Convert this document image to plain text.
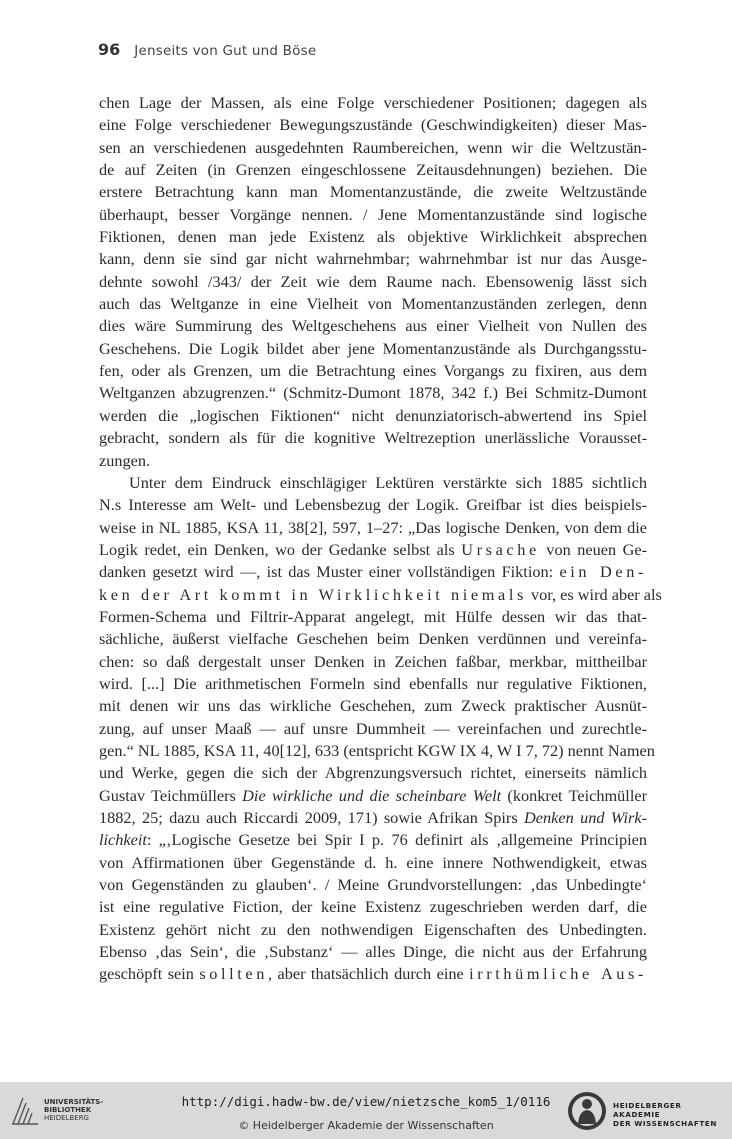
96 Jenseits von Gut und Böse
chen Lage der Massen, als eine Folge verschiedener Positionen; dagegen als
eine Folge verschiedener Bewegungszustände (Geschwindigkeiten) dieser Mas-
sen an verschiedenen ausgedehnten Raumbereichen, wenn wir die Weltzustän-
de auf Zeiten (in Grenzen eingeschlossene Zeitausdehnungen) beziehen. Die
erstere Betrachtung kann man Momentanzustände, die zweite Weltzustände
überhaupt, besser Vorgänge nennen. / Jene Momentanzustände sind logische
Fiktionen, denen man jede Existenz als objektive Wirklichkeit absprechen
kann, denn sie sind gar nicht wahrnehmbar; wahrnehmbar ist nur das Ausge-
dehnte sowohl /343/ der Zeit wie dem Raume nach. Ebensowenig lässt sich
auch das Weltganze in eine Vielheit von Momentanzuständen zerlegen, denn
dies wäre Summirung des Weltgeschehens aus einer Vielheit von Nullen des
Geschehens. Die Logik bildet aber jene Momentanzustände als Durchgangsstu-
fen, oder als Grenzen, um die Betrachtung eines Vorgangs zu fixiren, aus dem
Weltganzen abzugrenzen.“ (Schmitz-Dumont 1878, 342 f.) Bei Schmitz-Dumont
werden die „logischen Fiktionen“ nicht denunziatorisch-abwertend ins Spiel
gebracht, sondern als für die kognitive Weltrezeption unerlässliche Vorausset-
zungen.
Unter dem Eindruck einschlägiger Lektüren verstärkte sich 1885 sichtlich
N.s Interesse am Welt- und Lebensbezug der Logik. Greifbar ist dies beispiels-
weise in NL 1885, KSA 11, 38[2], 597, 1–27: „Das logische Denken, von dem die
Logik redet, ein Denken, wo der Gedanke selbst als Ursache von neuen Ge-
danken gesetzt wird —, ist das Muster einer vollständigen Fiktion: ein Den-
ken der Art kommt in Wirklichkeit niemals vor, es wird aber als
Formen-Schema und Filtrir-Apparat angelegt, mit Hülfe dessen wir das that-
sächliche, äußerst vielfache Geschehen beim Denken verdünnen und vereinfa-
chen: so daß dergestalt unser Denken in Zeichen faßbar, merkbar, mittheilbar
wird. [...] Die arithmetischen Formeln sind ebenfalls nur regulative Fiktionen,
mit denen wir uns das wirkliche Geschehen, zum Zweck praktischer Ausnüt-
zung, auf unser Maaß — auf unsre Dummheit — vereinfachen und zurechtle-
gen.“ NL 1885, KSA 11, 40[12], 633 (entspricht KGW IX 4, W I 7, 72) nennt Namen
und Werke, gegen die sich der Abgrenzungsversuch richtet, einerseits nämlich
Gustav Teichmüllers Die wirkliche und die scheinbare Welt (konkret Teichmüller
1882, 25; dazu auch Riccardi 2009, 171) sowie Afrikan Spirs Denken und Wirk-
lichkeit: „‚Logische Gesetze bei Spir I p. 76 definirt als ‚allgemeine Principien
von Affirmationen über Gegenstände d. h. eine innere Nothwendigkeit, etwas
von Gegenständen zu glauben‘. / Meine Grundvorstellungen: ‚das Unbedingte‘
ist eine regulative Fiction, der keine Existenz zugeschrieben werden darf, die
Existenz gehört nicht zu den nothwendigen Eigenschaften des Unbedingten.
Ebenso ‚das Sein‘, die ‚Substanz‘ — alles Dinge, die nicht aus der Erfahrung
geschöpft sein sollten, aber thatsächlich durch eine irrthümliche Aus-
UNIVERSITÄTS-
BIBLIOTHEK
HEIDELBERG
http://digi.hadw-bw.de/view/nietzsche_kom5_1/0116
© Heidelberger Akademie der Wissenschaften
HEIDELBERGER AKADEMIE
DER WISSENSCHAFTEN
